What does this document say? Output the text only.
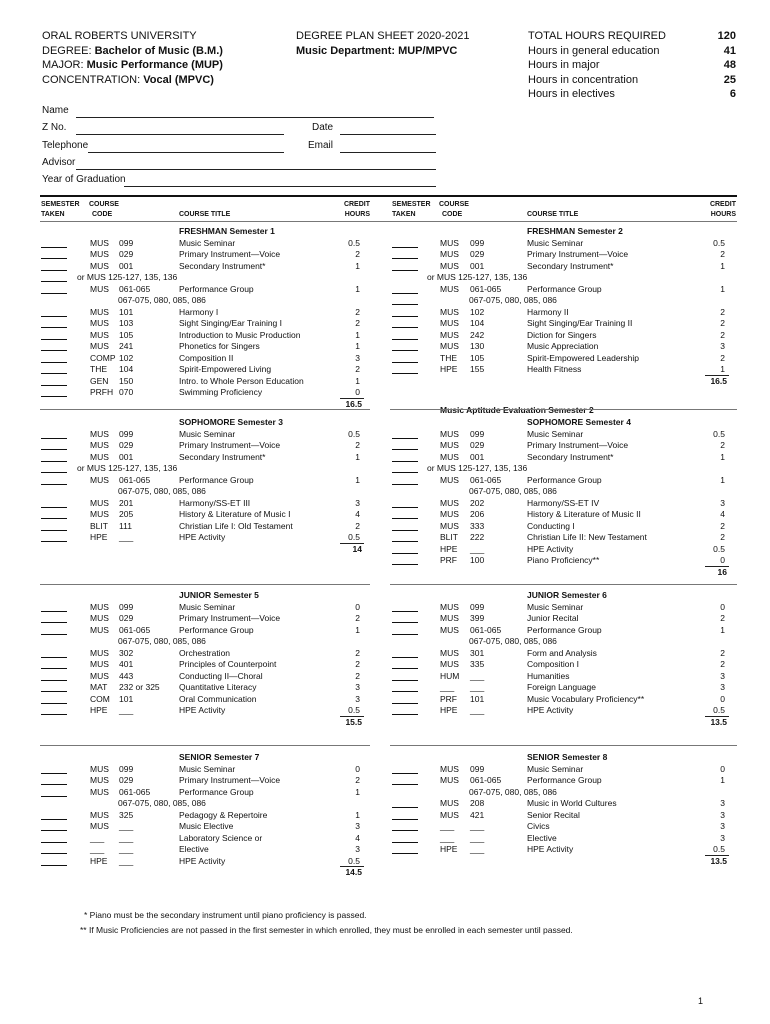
ORAL ROBERTS UNIVERSITY
DEGREE: Bachelor of Music (B.M.)
MAJOR: Music Performance (MUP)
CONCENTRATION: Vocal (MPVC)
DEGREE PLAN SHEET 2020-2021
Music Department: MUP/MPVC
TOTAL HOURS REQUIRED	120
Hours in general education	41
Hours in major	48
Hours in concentration	25
Hours in electives	6
Name
Z No.	Date
Telephone	Email
Advisor
Year of Graduation
SEMESTER
TAKEN
COURSE
CODE	COURSE TITLE
CREDIT
HOURS
SEMESTER
TAKEN
COURSE
CODE	COURSE TITLE
CREDIT
HOURS
Music Aptitude Evaluation Semester 2
FRESHMAN Semester 1
MUS 099	Music Seminar	0.5
MUS 029	Primary Instrument—Voice	2
MUS 001	Secondary Instrument*	1
or MUS 125-127, 135, 136
MUS 061-065	Performance Group	1
067-075, 080, 085, 086
MUS 101	Harmony I	2
MUS 103	Sight Singing/Ear Training I	2
MUS 105	Introduction to Music Production	1
MUS 241	Phonetics for Singers	1
COMP 102	Composition II	3
THE 104	Spirit-Empowered Living	2
GEN 150	Intro. to Whole Person Education	1
PRFH 070	Swimming Proficiency	0
16.5
FRESHMAN Semester 2
MUS 099	Music Seminar	0.5
MUS 029	Primary Instrument—Voice	2
MUS 001	Secondary Instrument*	1
or MUS 125-127, 135, 136
MUS 061-065	Performance Group	1
067-075, 080, 085, 086
MUS 102	Harmony II	2
MUS 104	Sight Singing/Ear Training II	2
MUS 242	Diction for Singers	2
MUS 130	Music Appreciation	3
THE 105	Spirit-Empowered Leadership	2
HPE 155	Health Fitness	1
16.5
SOPHOMORE Semester 3
MUS 099	Music Seminar	0.5
MUS 029	Primary Instrument—Voice	2
MUS 001	Secondary Instrument*	1
or MUS 125-127, 135, 136
MUS 061-065	Performance Group	1
067-075, 080, 085, 086
MUS 201	Harmony/SS-ET III	3
MUS 205	History & Literature of Music I	4
BLIT 111	Christian Life I: Old Testament	2
HPE ___	HPE Activity	0.5
14
SOPHOMORE Semester 4
MUS 099	Music Seminar	0.5
MUS 029	Primary Instrument—Voice	2
MUS 001	Secondary Instrument*	1
or MUS 125-127, 135, 136
MUS 061-065	Performance Group	1
067-075, 080, 085, 086
MUS 202	Harmony/SS-ET IV	3
MUS 206	History & Literature of Music II	4
MUS 333	Conducting I	2
BLIT 222	Christian Life II: New Testament	2
HPE ___	HPE Activity	0.5
PRF 100	Piano Proficiency**	0
16
JUNIOR Semester 5
MUS 099	Music Seminar	0
MUS 029	Primary Instrument—Voice	2
MUS 061-065	Performance Group	1
067-075, 080, 085, 086
MUS 302	Orchestration	2
MUS 401	Principles of Counterpoint	2
MUS 443	Conducting II—Choral	2
MAT 232 or 325 Quantitative Literacy	3
COM 101	Oral Communication	3
HPE ___	HPE Activity	0.5
15.5
JUNIOR Semester 6
MUS 099	Music Seminar	0
MUS 399	Junior Recital	2
MUS 061-065	Performance Group	1
067-075, 080, 085, 086
MUS 301	Form and Analysis	2
MUS 335	Composition I	2
HUM ___	Humanities	3
___ ___	Foreign Language	3
PRF 101	Music Vocabulary Proficiency**	0
HPE ___	HPE Activity	0.5
13.5
SENIOR Semester 7
MUS 099	Music Seminar	0
MUS 029	Primary Instrument—Voice	2
MUS 061-065	Performance Group	1
067-075, 080, 085, 086
MUS 325	Pedagogy & Repertoire	1
MUS ___	Music Elective	3
___ ___	Laboratory Science or	4
___ ___	Elective	3
HPE ___	HPE Activity	0.5
14.5
SENIOR Semester 8
MUS 099	Music Seminar	0
MUS 061-065	Performance Group	1
067-075, 080, 085, 086
MUS 208	Music in World Cultures	3
MUS 421	Senior Recital	3
___ ___	Civics	3
___ ___	Elective	3
HPE ___	HPE Activity	0.5
13.5
* Piano must be the secondary instrument until piano proficiency is passed.
** If Music Proficiencies are not passed in the first semester in which enrolled, they must be enrolled in each semester until passed.
1
